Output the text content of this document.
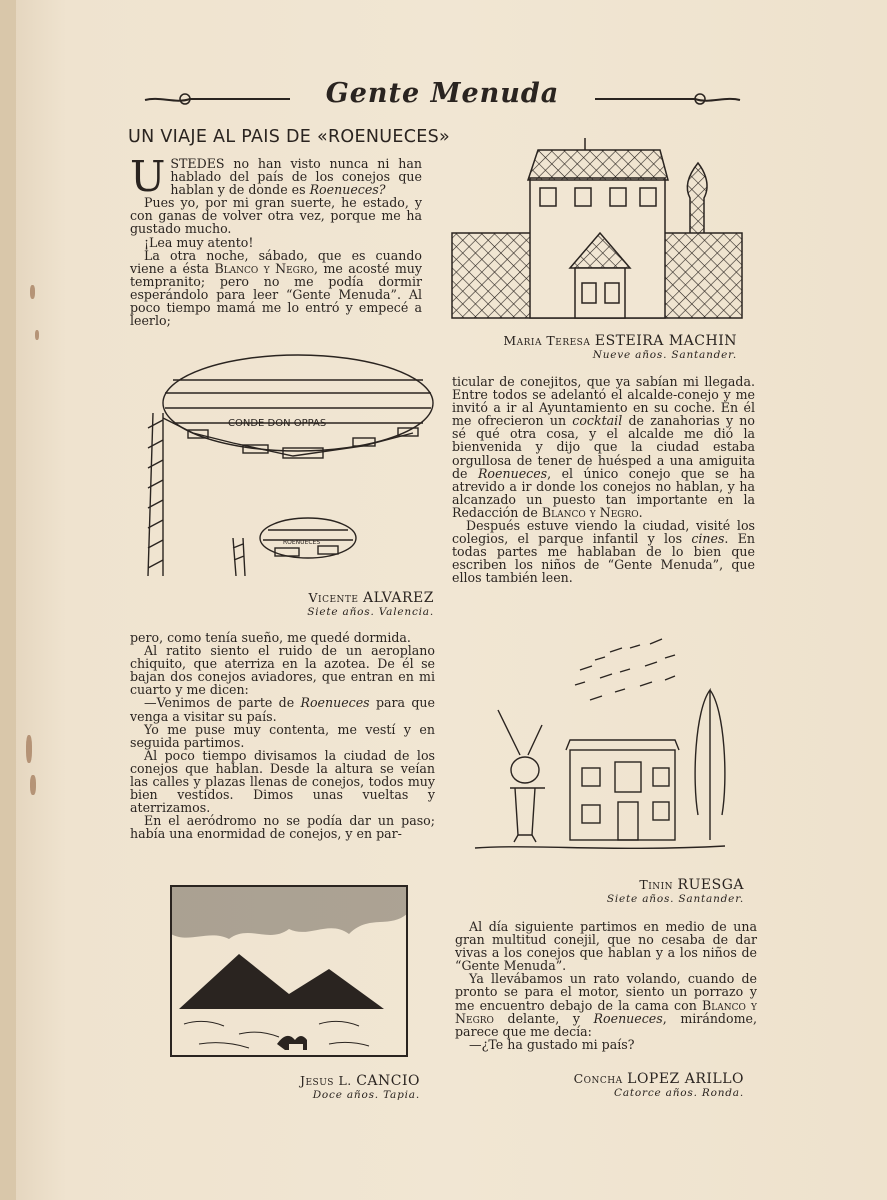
Gente Menuda
UN VIAJE AL PAIS DE «ROENUECES»

USTEDES no han visto nunca ni han hablado del país de los conejos que hablan y de donde es Roenueces?

Pues yo, por mi gran suerte, he estado, y con ganas de volver otra vez, porque me ha gustado mucho.

¡Lea muy atento!

La otra noche, sábado, que es cuando viene a ésta Blanco y Negro, me acosté muy tempranito; pero no me podía dormir esperándolo para leer “Gente Menuda”. Al poco tiempo mamá me lo entró y empecé a leerlo;

CONDE DON OPPAS
ROENUECES
Vicente ALVAREZ
Siete años. Valencia.

pero, como tenía sueño, me quedé dormida.

Al ratito siento el ruido de un aeroplano chiquito, que aterriza en la azotea. De él se bajan dos conejos aviadores, que entran en mi cuarto y me dicen:

—Venimos de parte de Roenueces para que venga a visitar su país.

Yo me puse muy contenta, me vestí y en seguida partimos.

Al poco tiempo divisamos la ciudad de los conejos que hablan. Desde la altura se veían las calles y plazas llenas de conejos, todos muy bien vestidos. Dimos unas vueltas y aterrizamos.

En el aeródromo no se podía dar un paso; había una enormidad de conejos, y en par-

Jesus L. CANCIO
Doce años. Tapia.
Maria Teresa ESTEIRA MACHIN
Nueve años. Santander.

ticular de conejitos, que ya sabían mi llegada. Entre todos se adelantó el alcalde-conejo y me invitó a ir al Ayuntamiento en su coche. En él me ofrecieron un cocktail de zanahorias y no sé qué otra cosa, y el alcalde me dió la bienvenida y dijo que la ciudad estaba orgullosa de tener de huésped a una amiguita de Roenueces, el único conejo que se ha atrevido a ir donde los conejos no hablan, y ha alcanzado un puesto tan importante en la Redacción de Blanco y Negro.

Después estuve viendo la ciudad, visité los colegios, el parque infantil y los cines. En todas partes me hablaban de lo bien que escriben los niños de “Gente Menuda”, que ellos también leen.

Tinin RUESGA
Siete años. Santander.

Al día siguiente partimos en medio de una gran multitud conejil, que no cesaba de dar vivas a los conejos que hablan y a los niños de “Gente Menuda”.

Ya llevábamos un rato volando, cuando de pronto se para el motor, siento un porrazo y me encuentro debajo de la cama con Blanco y Negro delante, y Roenueces, mirándome, parece que me decía:

—¿Te ha gustado mi país?

Concha LOPEZ ARILLO
Catorce años. Ronda.
